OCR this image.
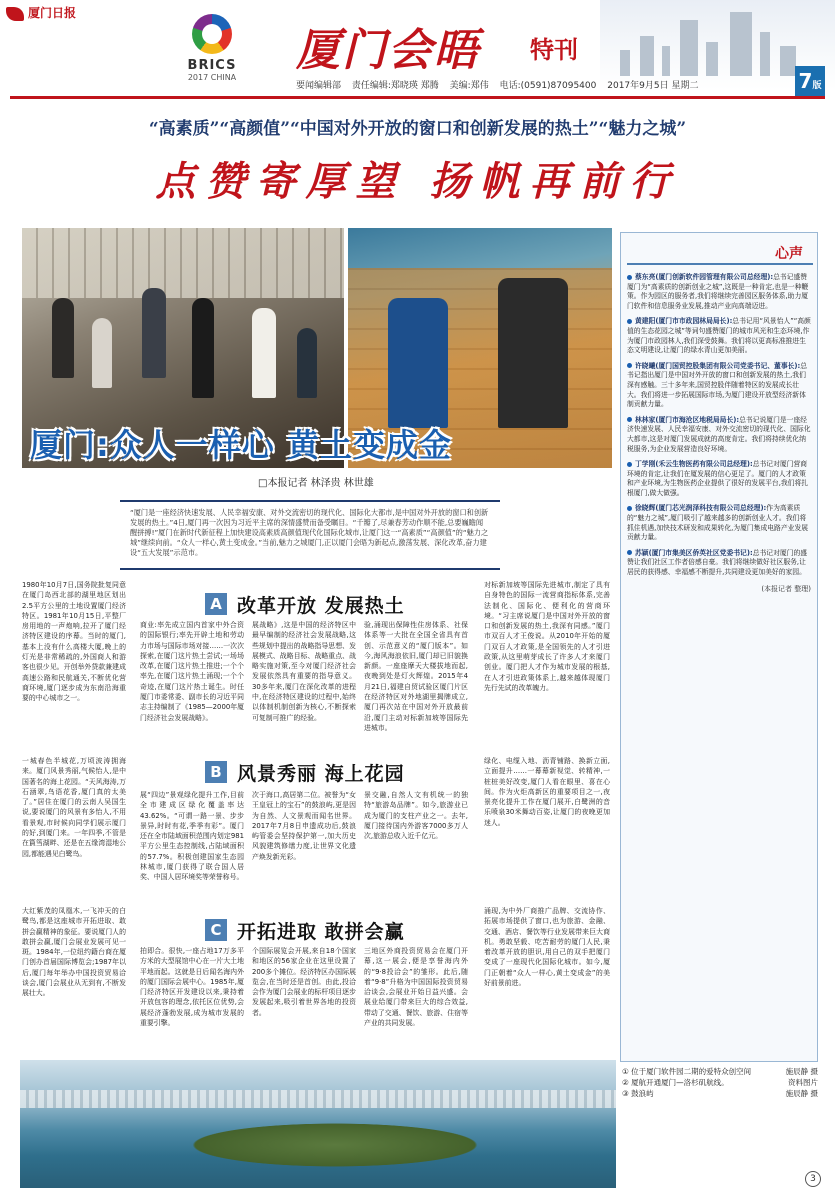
厦门日报
BRICS
2017 CHINA
厦门会晤 特刊
要闻编辑部 责任编辑:郑晓瑛 郑腾 美编:郑伟 电话:(0591)87095400 2017年9月5日 星期二	7版
“高素质”“高颜值”“中国对外开放的窗口和创新发展的热土”“魅力之城”
点赞寄厚望 扬帆再前行
厦门:众人一样心 黄土变成金
□本报记者 林泽贵 林世雄
“厦门是一座经济快速发展、人民幸福安康、对外交流密切的现代化、国际化大都市,是中国对外开放的窗口和创新发展的热土。”4日,厦门再一次因为习近平主席的深情盛赞而备受瞩目。“千瓣了,尽兼春芳动作顺不能,总要巍瞻闻醒拼搏!”厦门在新时代新征程上加快建设高素质高颜值现代化国际化城市,让厦门这一“高素质”“高颜值”的“魅力之城”继续向前。“众人一样心,黄土变成金。”当前,魅力之城厦门,正以厦门会晤为新起点,激荡发展、深化改革,奋力建设“五大发展”示范市。
A 改革开放 发展热土
1980年10月7日,国务院批复同意在厦门岛西北部的湖里地区划出2.5平方公里的土地设置厦门经济特区。1981年10月15日,平整厂房用地的一声炮响,拉开了厦门经济特区建设的序幕。当时的厦门,基本上没有什么高楼大厦,晚上的灯光是非常稀疏的,外国商人和游客也很少见。开创举外贷款兼建成高速公路和民航通关,不断优化营商环境,厦门逐步成为东南沿海重要的中心城市之一。
商业:率先成立国内首家中外合资的国际银行;率先开辟土地和劳动力市场与国际市场对接……一次次探索,在厦门这片热土尝试;一场场改革,在厦门这片热土推进;一个个率先,在厦门这片热土涌现;一个个奇迹,在厦门这片热土诞生。时任厦门市委常委、副市长的习近平同志主持编制了《1985—2000年厦门经济社会发展战略》。
展战略》,这是中国的经济特区中最早编制的经济社会发展战略,这些规划中提出的战略指导思想、发展模式、战略目标、战略重点、战略实施对策,至今对厦门经济社会发展依然具有重要的指导意义。30多年来,厦门在深化改革的进程中,在经济特区建设的过程中,始终以体制机制创新为核心,不断探索可复制可推广的经验。
验,涌现出保障性住房体系、社保体系等一大批在全国全省具有首创、示范意义的“厦门版本”。如今,海风海浪依旧,厦门却已旧貌换新颜。一座座摩天大楼拔地而起,夜晚到处是灯火辉煌。2015年4月21日,福建自贸试验区厦门片区在经济特区对外地湖里揭牌成立,厦门再次站在中国对外开放最前沿,厦门主动对标新加坡等国际先进城市。
对标新加坡等国际先进城市,制定了具有自身特色的国际一流营商指标体系,完善法制化、国际化、便利化的营商环境。“习主席说厦门是中国对外开放的窗口和创新发展的热土,我深有同感。”厦门市双百人才王俊说。从2010年开始的厦门双百人才政策,是全国领先的人才引进政策,从这里萌芽成长了许多人才来厦门创业。厦门把人才作为城市发展的根基,在人才引进政策体系上,越来越体现厦门先行先试的改革魄力。
B 风景秀丽 海上花园
一城春色半城花,万顷波涛拥海来。厦门风景秀丽,气候怡人,是中国著名的海上花园。“天风海涛,万石涵翠,鸟语花香,厦门真的太美了。”居住在厦门的云南人吴国生说,要说厦门的风景有多怡人,不用看景观,市时候向同学们展示厦门的好,到厦门来。一年四季,不管是在篔筜湖畔、还是在五缘湾湿地公园,都能遇见白鹭鸟。
展“四边”景观绿化提升工作,目前全市建成区绿化覆盖率达43.62%。“可谓一路一景、步步景异,时时有花,季季有彩”。厦门还在全市陆域面积范围内划定981平方公里生态控制线,占陆域面积的57.7%。积极创建国家生态园林城市,厦门获得了联合国人居奖、中国人居环境奖等荣誉称号。
次于海口,高居第二位。被誉为“女王皇冠上的宝石”的鼓浪屿,更是因为自然、人文景观而闻名世界。2017年7月8日申遗成功后,鼓浪屿管委会坚持保护第一,加大历史风貌建筑修缮力度,让世界文化遗产焕发新光彩。
景交融,自然人文有机统一的独特“旅游岛品牌”。如今,旅游业已成为厦门的支柱产业之一。去年,厦门接待国内外游客7000多万人次,旅游总收入近千亿元。
绿化、电缆入地、沥青铺路、换新立面,立面提升……一幕幕新视觉、转精神,一桩桩美好改变,厦门人看在眼里、喜在心间。作为火炬高新区的重要项目之一,夜景亮化提升工作在厦门展开,白鹭洲的音乐喷泉30米舞动百姿,让厦门的夜晚更加迷人。
C 开拓进取 敢拼会赢
大红紫茂的凤凰木,一飞冲天的白鹭鸟,都是这座城市开拓进取、敢拼会赢精神的象征。要说厦门人的敢拼会赢,厦门会展业发展可见一斑。1984年,一位纽约籍台商在厦门创办首届国际博览会;1987年以后,厦门每年举办中国投资贸易洽谈会,厦门会展业从无到有,不断发展壮大。
拍即合。很快,一座占地17万多平方米的大型展馆中心在一片大土地平地而起。这就是日后闻名海内外的厦门国际会展中心。1985年,厦门经济特区开发建设以来,秉持着开放包容的理念,依托区位优势,会展经济蓬勃发展,成为城市发展的重要引擎。
个国际展览会开展,来自18个国家和地区的56家企业在这里设置了200多个摊位。经济特区办国际展览会,在当时还是首创。由此,投洽会作为厦门会展业的标杆项目逐步发展起来,吸引着世界各地的投资者。
三地区外商投资贸易会在厦门开幕,这一展会,便是享誉海内外的“9·8投洽会”的雏形。此后,随着“9·8”升格为中国国际投资贸易洽谈会,会展业开始日益兴盛。会展业给厦门带来巨大的综合效益,带动了交通、餐饮、旅游、住宿等产业的共同发展。
涌现,为中外厂商推广品牌、交流协作、拓展市场提供了窗口,也为旅游、金融、交通、酒店、餐饮等行业发展带来巨大商机。勇敢坚毅、吃苦耐劳的厦门人民,秉着改革开放的胆识,用自己的双手把厦门变成了一座现代化国际化城市。如今,厦门正朝着“众人一样心,黄土变成金”的美好前景前进。
心声
蔡东亮(厦门创新软件园管理有限公司总经理):总书记盛赞厦门为“高素质的创新创业之城”,这既是一种肯定,也是一种鞭策。作为园区的服务者,我们将继续完善园区服务体系,助力厦门软件和信息服务业发展,推动产业向高端迈进。
黄建阳(厦门市市政园林局局长):总书记用“风景怡人”“高颜值的生态花园之城”等词句盛赞厦门的城市风光和生态环境,作为厦门市政园林人,我们深受鼓舞。我们将以更高标准推进生态文明建设,让厦门的绿水青山更加美丽。
许晓曦(厦门国贸控股集团有限公司党委书记、董事长):总书记指出厦门是中国对外开放的窗口和创新发展的热土,我们深有感触。三十多年来,国贸控股伴随着特区的发展成长壮大。我们将进一步拓展国际市场,为厦门建设开放型经济新体制贡献力量。
林林家(厦门市海沧区地税局局长):总书记说厦门是一座经济快速发展、人民幸福安康、对外交流密切的现代化、国际化大都市,这是对厦门发展成就的高度肯定。我们将持续优化纳税服务,为企业发展营造良好环境。
丁学刚(禾云生物医药有限公司总经理):总书记对厦门营商环境的肯定,让我们在厦发展的信心更足了。厦门的人才政策和产业环境,为生物医药企业提供了很好的发展平台,我们将扎根厦门,做大做强。
徐晓辉(厦门芯光润泽科技有限公司总经理):作为高素质的“魅力之城”,厦门吸引了越来越多的创新创业人才。我们将抓住机遇,加快技术研发和成果转化,为厦门集成电路产业发展贡献力量。
苏颖(厦门市集美区侨英社区党委书记):总书记对厦门的盛赞让我们社区工作者倍感自豪。我们将继续做好社区服务,让居民的获得感、幸福感不断提升,共同建设更加美好的家园。
(本报记者 整理)
① 位于厦门软件园二期的爱特众创空间	施辰静 摄
② 厦航开通厦门—洛杉矶航线。	资料图片
③ 鼓浪屿	施辰静 摄
3
